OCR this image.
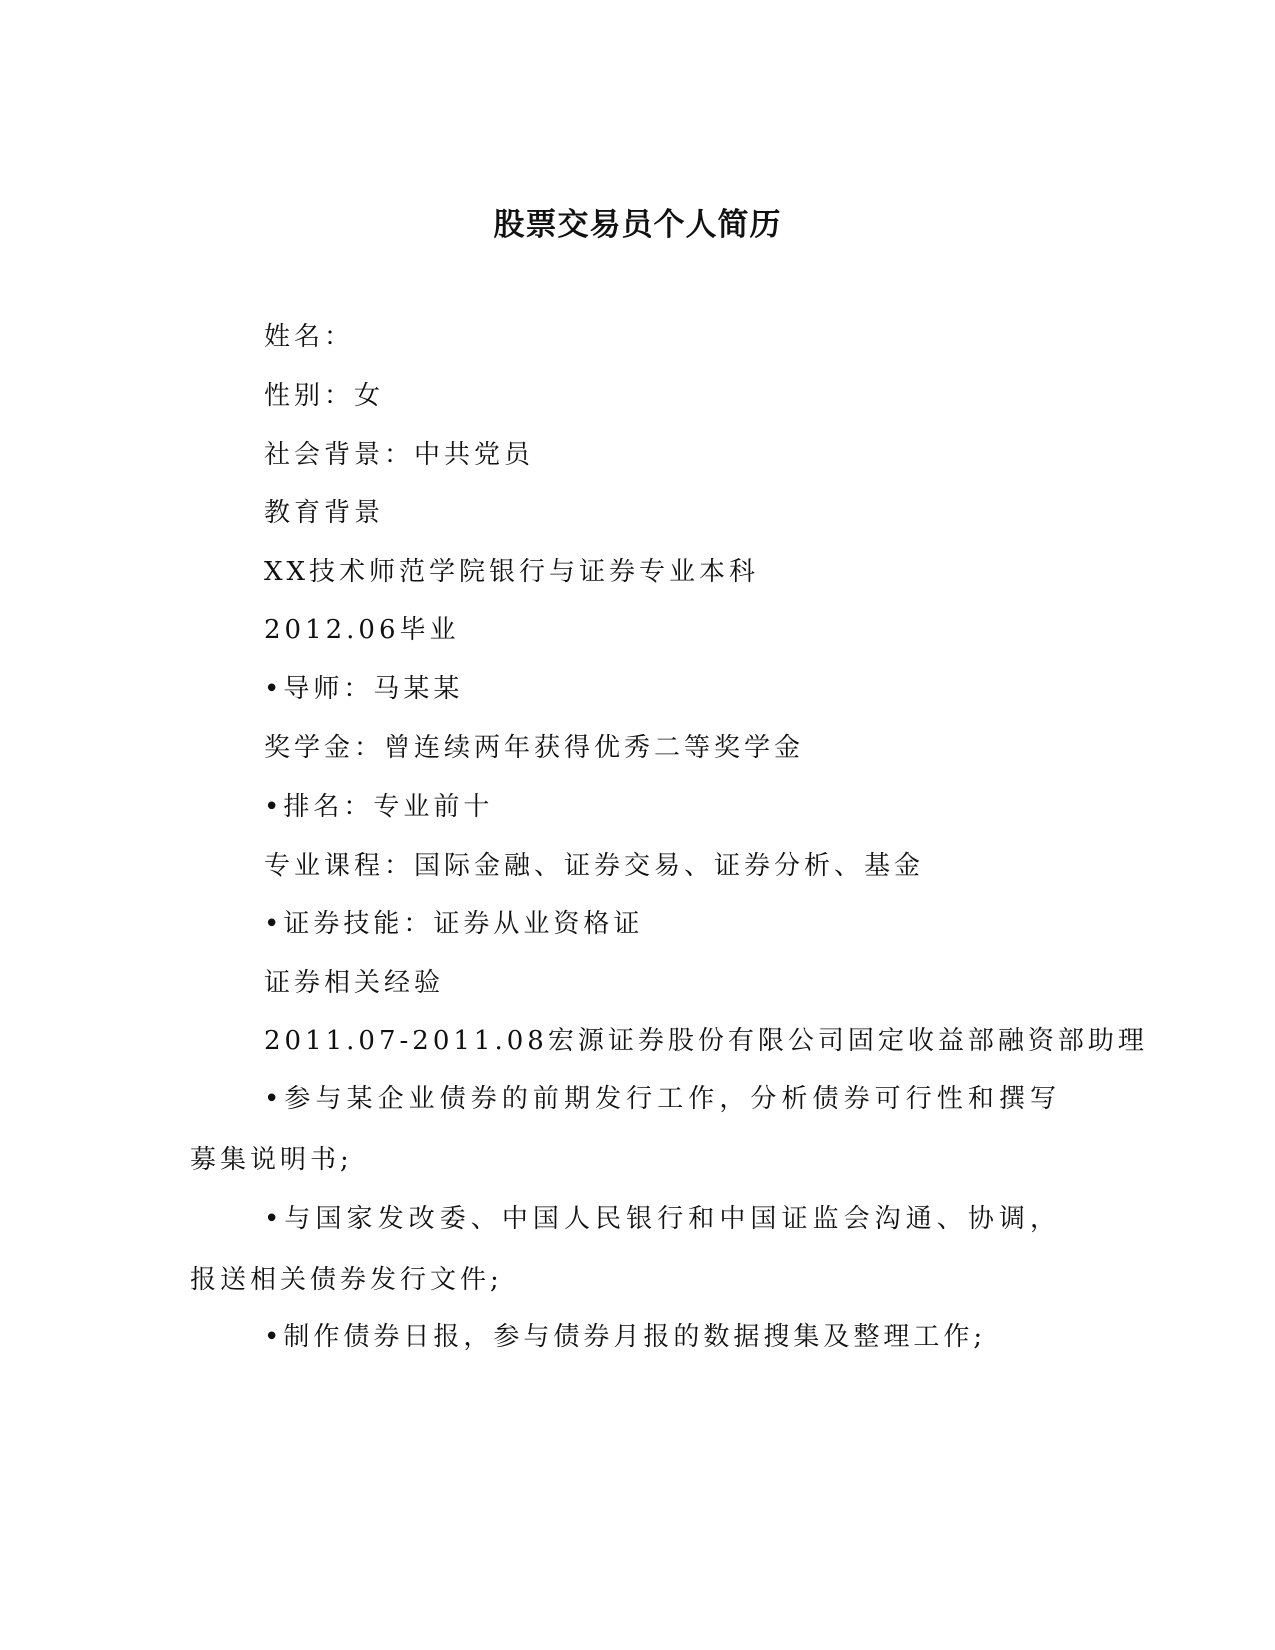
股票交易员个人简历
姓名：
性别：女
社会背景：中共党员
教育背景
XX技术师范学院银行与证券专业本科
2012.06毕业
•导师：马某某
奖学金：曾连续两年获得优秀二等奖学金
•排名：专业前十
专业课程：国际金融、证券交易、证券分析、基金
•证券技能：证券从业资格证
证券相关经验
2011.07-2011.08宏源证券股份有限公司固定收益部融资部助理

•参与某企业债券的前期发行工作，分析债券可行性和撰写募集说明书;

•与国家发改委、中国人民银行和中国证监会沟通、协调，报送相关债券发行文件;

•制作债券日报，参与债券月报的数据搜集及整理工作;
